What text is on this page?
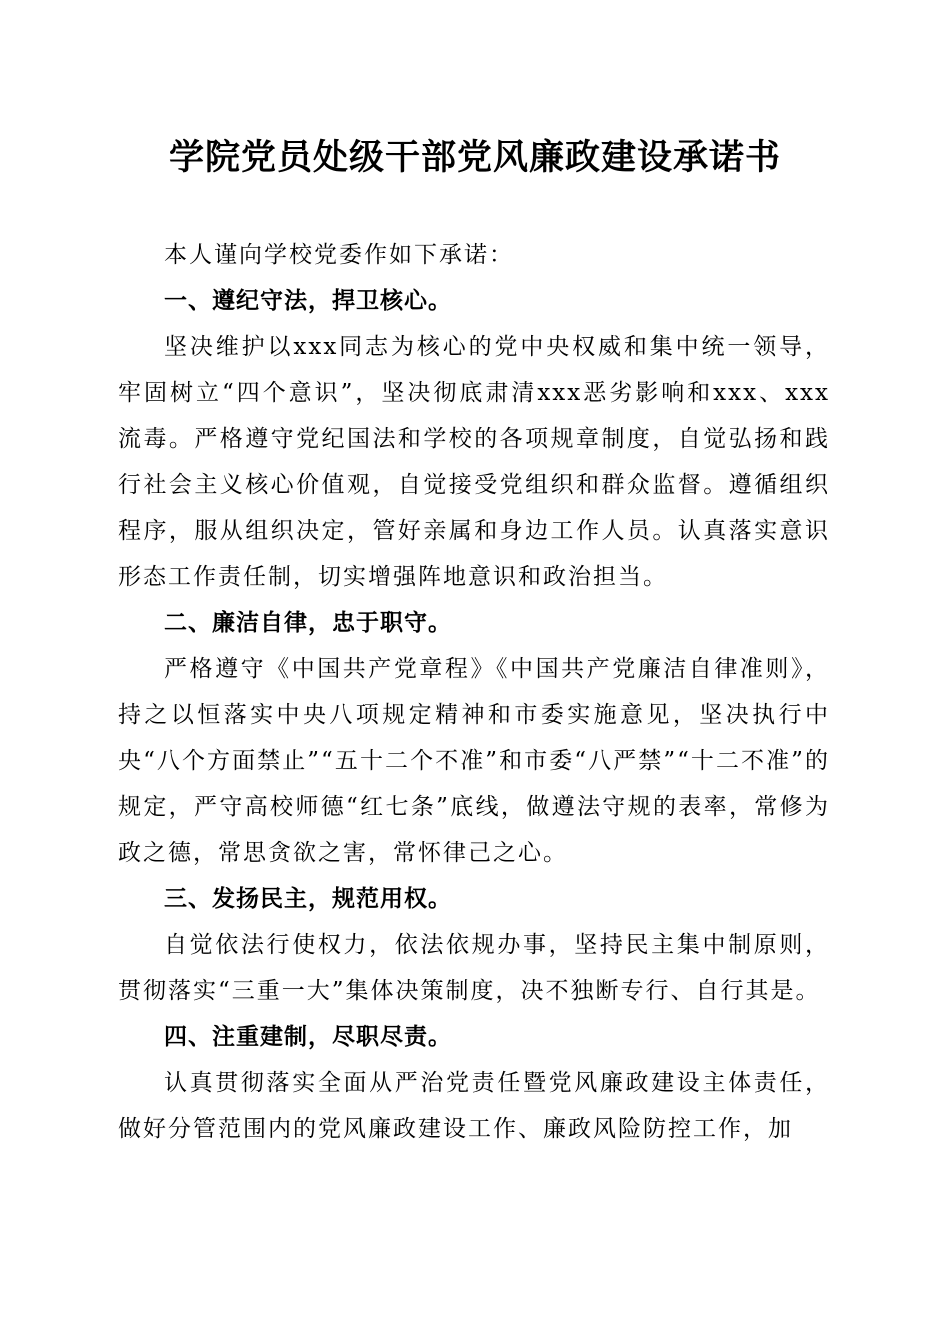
学院党员处级干部党风廉政建设承诺书

本人谨向学校党委作如下承诺：

一、遵纪守法，捍卫核心。

坚决维护以xxx同志为核心的党中央权威和集中统一领导，牢固树立“四个意识”，坚决彻底肃清xxx恶劣影响和xxx、xxx流毒。严格遵守党纪国法和学校的各项规章制度，自觉弘扬和践行社会主义核心价值观，自觉接受党组织和群众监督。遵循组织程序，服从组织决定，管好亲属和身边工作人员。认真落实意识形态工作责任制，切实增强阵地意识和政治担当。

二、廉洁自律，忠于职守。

严格遵守《中国共产党章程》《中国共产党廉洁自律准则》，持之以恒落实中央八项规定精神和市委实施意见，坚决执行中央“八个方面禁止”“五十二个不准”和市委“八严禁”“十二不准”的规定，严守高校师德“红七条”底线，做遵法守规的表率，常修为政之德，常思贪欲之害，常怀律己之心。

三、发扬民主，规范用权。

自觉依法行使权力，依法依规办事，坚持民主集中制原则，贯彻落实“三重一大”集体决策制度，决不独断专行、自行其是。

四、注重建制，尽职尽责。

认真贯彻落实全面从严治党责任暨党风廉政建设主体责任，做好分管范围内的党风廉政建设工作、廉政风险防控工作，加
